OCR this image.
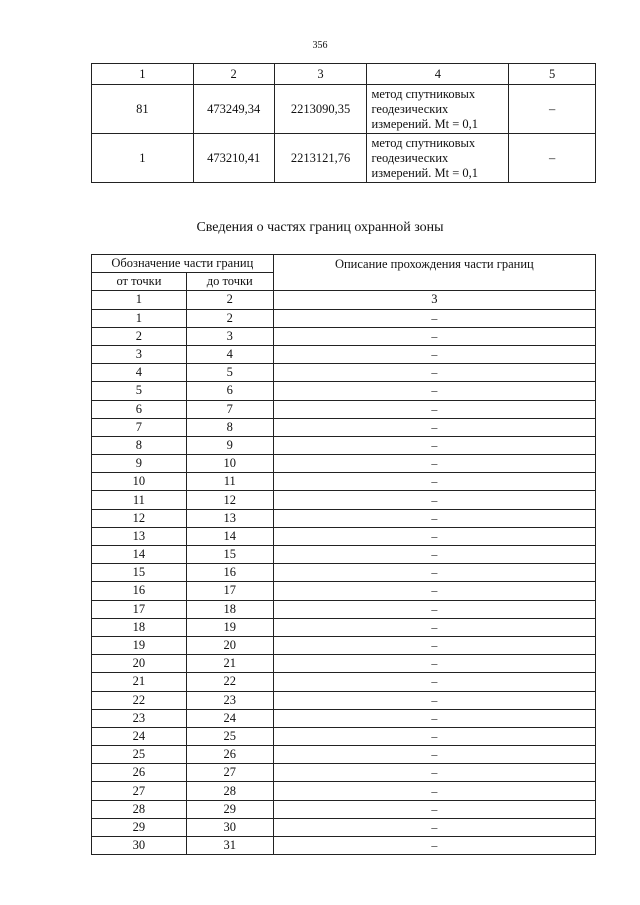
356
1	2	3	4	5
81	473249,34	2213090,35	метод спутниковых
геодезических
измерений. Mt = 0,1	–
1	473210,41	2213121,76	метод спутниковых
геодезических
измерений. Mt = 0,1	–
Сведения о частях границ охранной зоны
Обозначение части границ		Описание прохождения части границ
от точки	до точки	
1	2	3
1	2	–
2	3	–
3	4	–
4	5	–
5	6	–
6	7	–
7	8	–
8	9	–
9	10	–
10	11	–
11	12	–
12	13	–
13	14	–
14	15	–
15	16	–
16	17	–
17	18	–
18	19	–
19	20	–
20	21	–
21	22	–
22	23	–
23	24	–
24	25	–
25	26	–
26	27	–
27	28	–
28	29	–
29	30	–
30	31	–
